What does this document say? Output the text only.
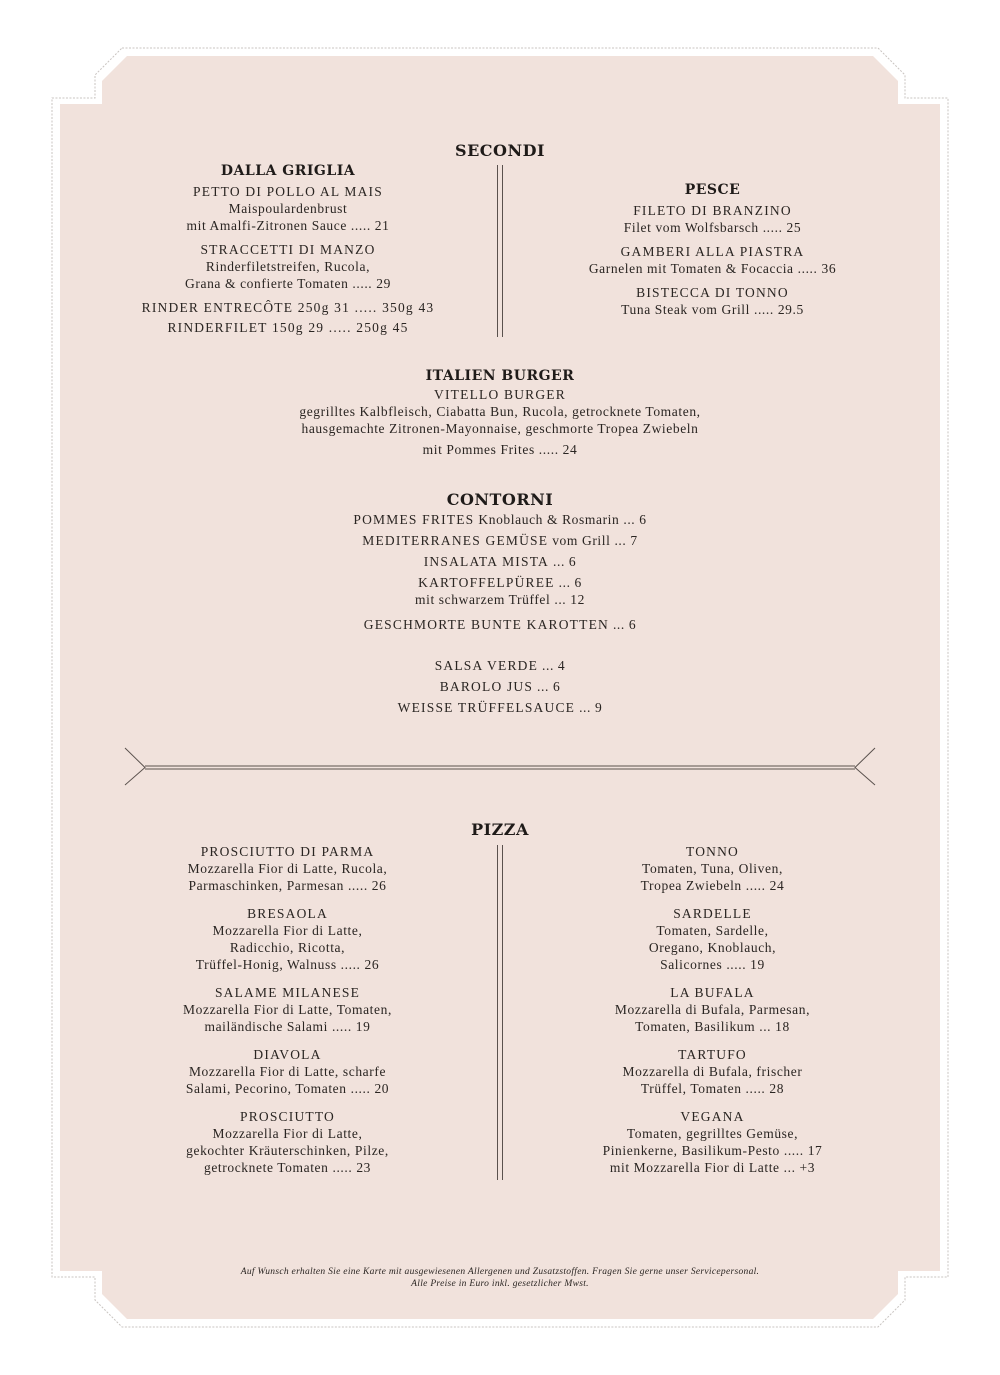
SECONDI
DALLA GRIGLIA
PETTO DI POLLO AL MAIS
Maispoulardenbrust
mit Amalfi-Zitronen Sauce ..... 21
STRACCETTI DI MANZO
Rinderfiletstreifen, Rucola,
Grana & confierte Tomaten ..... 29
RINDER ENTRECÔTE 250g 31 ..... 350g 43
RINDERFILET 150g 29 ..... 250g 45
PESCE
FILETO DI BRANZINO
Filet vom Wolfsbarsch ..... 25
GAMBERI ALLA PIASTRA
Garnelen mit Tomaten & Focaccia ..... 36
BISTECCA DI TONNO
Tuna Steak vom Grill ..... 29.5
ITALIEN BURGER
VITELLO BURGER
gegrilltes Kalbfleisch, Ciabatta Bun, Rucola, getrocknete Tomaten,
hausgemachte Zitronen-Mayonnaise, geschmorte Tropea Zwiebeln
mit Pommes Frites ..... 24
CONTORNI
POMMES FRITES Knoblauch & Rosmarin ... 6
MEDITERRANES GEMÜSE vom Grill ... 7
INSALATA MISTA ... 6
KARTOFFELPÜREE ... 6
mit schwarzem Trüffel ... 12
GESCHMORTE BUNTE KAROTTEN ... 6
SALSA VERDE ... 4
BAROLO JUS ... 6
WEISSE TRÜFFELSAUCE ... 9
PIZZA
PROSCIUTTO DI PARMA
Mozzarella Fior di Latte, Rucola,
Parmaschinken, Parmesan ..... 26
BRESAOLA
Mozzarella Fior di Latte,
Radicchio, Ricotta,
Trüffel-Honig, Walnuss ..... 26
SALAME MILANESE
Mozzarella Fior di Latte, Tomaten,
mailändische Salami ..... 19
DIAVOLA
Mozzarella Fior di Latte, scharfe
Salami, Pecorino, Tomaten ..... 20
PROSCIUTTO
Mozzarella Fior di Latte,
gekochter Kräuterschinken, Pilze,
getrocknete Tomaten ..... 23
TONNO
Tomaten, Tuna, Oliven,
Tropea Zwiebeln ..... 24
SARDELLE
Tomaten, Sardelle,
Oregano, Knoblauch,
Salicornes ..... 19
LA BUFALA
Mozzarella di Bufala, Parmesan,
Tomaten, Basilikum ... 18
TARTUFO
Mozzarella di Bufala, frischer
Trüffel, Tomaten ..... 28
VEGANA
Tomaten, gegrilltes Gemüse,
Pinienkerne, Basilikum-Pesto ..... 17
mit Mozzarella Fior di Latte ... +3
Auf Wunsch erhalten Sie eine Karte mit ausgewiesenen Allergenen und Zusatzstoffen. Fragen Sie gerne unser Servicepersonal.
Alle Preise in Euro inkl. gesetzlicher Mwst.
